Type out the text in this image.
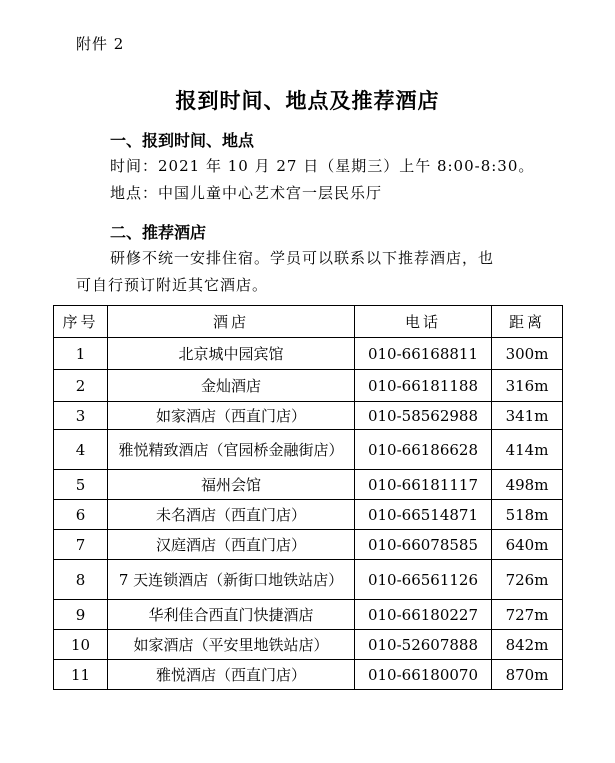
附件 2
报到时间、地点及推荐酒店
一、报到时间、地点
时间：2021 年 10 月 27 日（星期三）上午 8:00-8:30。
地点：中国儿童中心艺术宫一层民乐厅
二、推荐酒店
研修不统一安排住宿。学员可以联系以下推荐酒店，也
可自行预订附近其它酒店。
序号	酒店	电话	距离
1	北京城中园宾馆	010-66168811	300m
2	金灿酒店	010-66181188	316m
3	如家酒店（西直门店）	010-58562988	341m
4	雅悦精致酒店（官园桥金融街店）	010-66186628	414m
5	福州会馆	010-66181117	498m
6	未名酒店（西直门店）	010-66514871	518m
7	汉庭酒店（西直门店）	010-66078585	640m
8	7 天连锁酒店（新街口地铁站店）	010-66561126	726m
9	华利佳合西直门快捷酒店	010-66180227	727m
10	如家酒店（平安里地铁站店）	010-52607888	842m
11	雅悦酒店（西直门店）	010-66180070	870m
